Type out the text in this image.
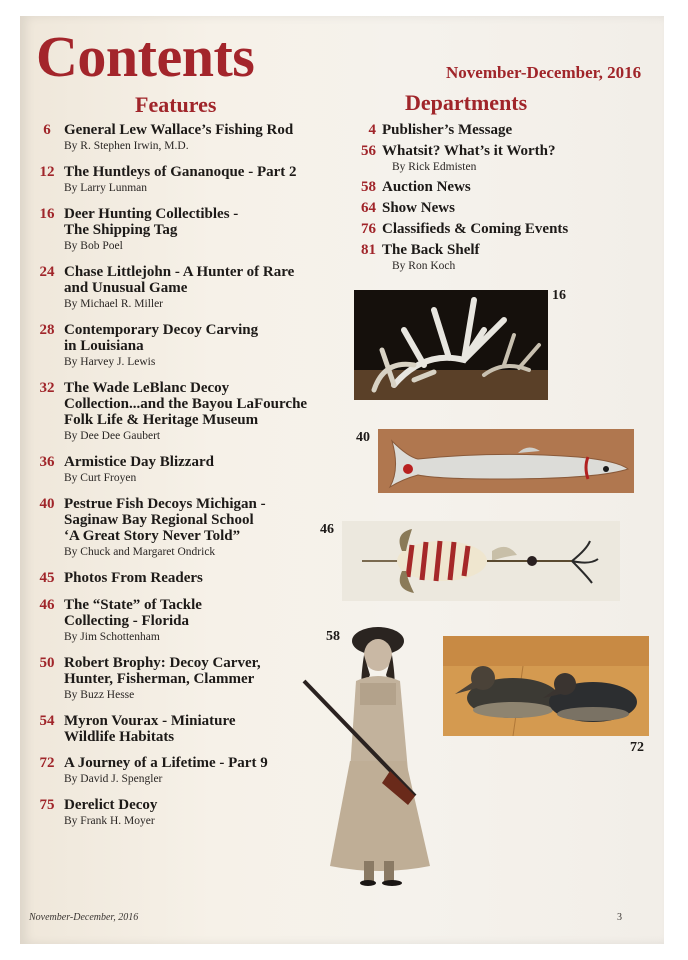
Contents	November-December, 2016
Features	Departments
6 General Lew Wallace’s Fishing Rod
By R. Stephen Irwin, M.D.
12 The Huntleys of Gananoque - Part 2
By Larry Lunman
16 Deer Hunting Collectibles -
The Shipping Tag
By Bob Poel
24 Chase Littlejohn - A Hunter of Rare
and Unusual Game
By Michael R. Miller
28 Contemporary Decoy Carving
in Louisiana
By Harvey J. Lewis
32 The Wade LeBlanc Decoy
Collection...and the Bayou LaFourche
Folk Life & Heritage Museum
By Dee Dee Gaubert
36 Armistice Day Blizzard
By Curt Froyen
40 Pestrue Fish Decoys Michigan -
Saginaw Bay Regional School
‘A Great Story Never Told”
By Chuck and Margaret Ondrick
45 Photos From Readers
46 The “State” of Tackle
Collecting - Florida
By Jim Schottenham
50 Robert Brophy: Decoy Carver,
Hunter, Fisherman, Clammer
By Buzz Hesse
54 Myron Vourax - Miniature
Wildlife Habitats
72 A Journey of a Lifetime - Part 9
By David J. Spengler
75 Derelict Decoy
By Frank H. Moyer
4 Publisher’s Message
56 Whatsit? What’s it Worth?
By Rick Edmisten
58 Auction News
64 Show News
76 Classifieds & Coming Events
81 The Back Shelf
By Ron Koch
16
40
46
58
72
November-December, 2016	3
